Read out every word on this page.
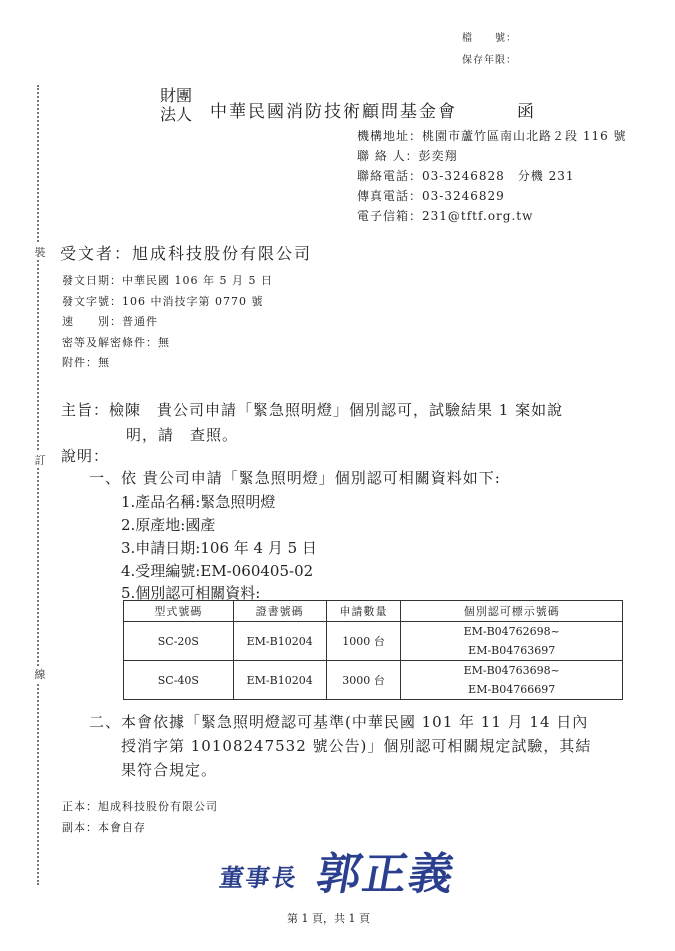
裝
訂
線
檔　　號：
保存年限：
財團
法人 中華民國消防技術顧問基金會	函
機構地址：桃園市蘆竹區南山北路２段 116 號
聯 絡 人：彭奕翔
聯絡電話：03-3246828　分機 231
傳真電話：03-3246829
電子信箱：231@tftf.org.tw
受文者：旭成科技股份有限公司
發文日期：中華民國 106 年 5 月 5 日
發文字號：106 中消技字第 0770 號
速　　別：普通件
密等及解密條件：無
附件：無
主旨：檢陳　貴公司申請「緊急照明燈」個別認可，試驗結果 1 案如說
明，請　查照。
說明：
一、依 貴公司申請「緊急照明燈」個別認可相關資料如下:
1.產品名稱:緊急照明燈
2.原產地:國產
3.申請日期:106 年 4 月 5 日
4.受理編號:EM-060405-02
5.個別認可相關資料:
型式號碼	證書號碼	申請數量	個別認可標示號碼
SC-20S	EM-B10204	1000 台	EM-B04762698~
EM-B04763697

SC-40S	EM-B10204	3000 台	EM-B04763698~
EM-B04766697
二、本會依據「緊急照明燈認可基準(中華民國 101 年 11 月 14 日內
授消字第 10108247532 號公告)」個別認可相關規定試驗，其結
果符合規定。
正本：旭成科技股份有限公司
副本：本會自存
董事長 郭正義
第 1 頁，共 1 頁
